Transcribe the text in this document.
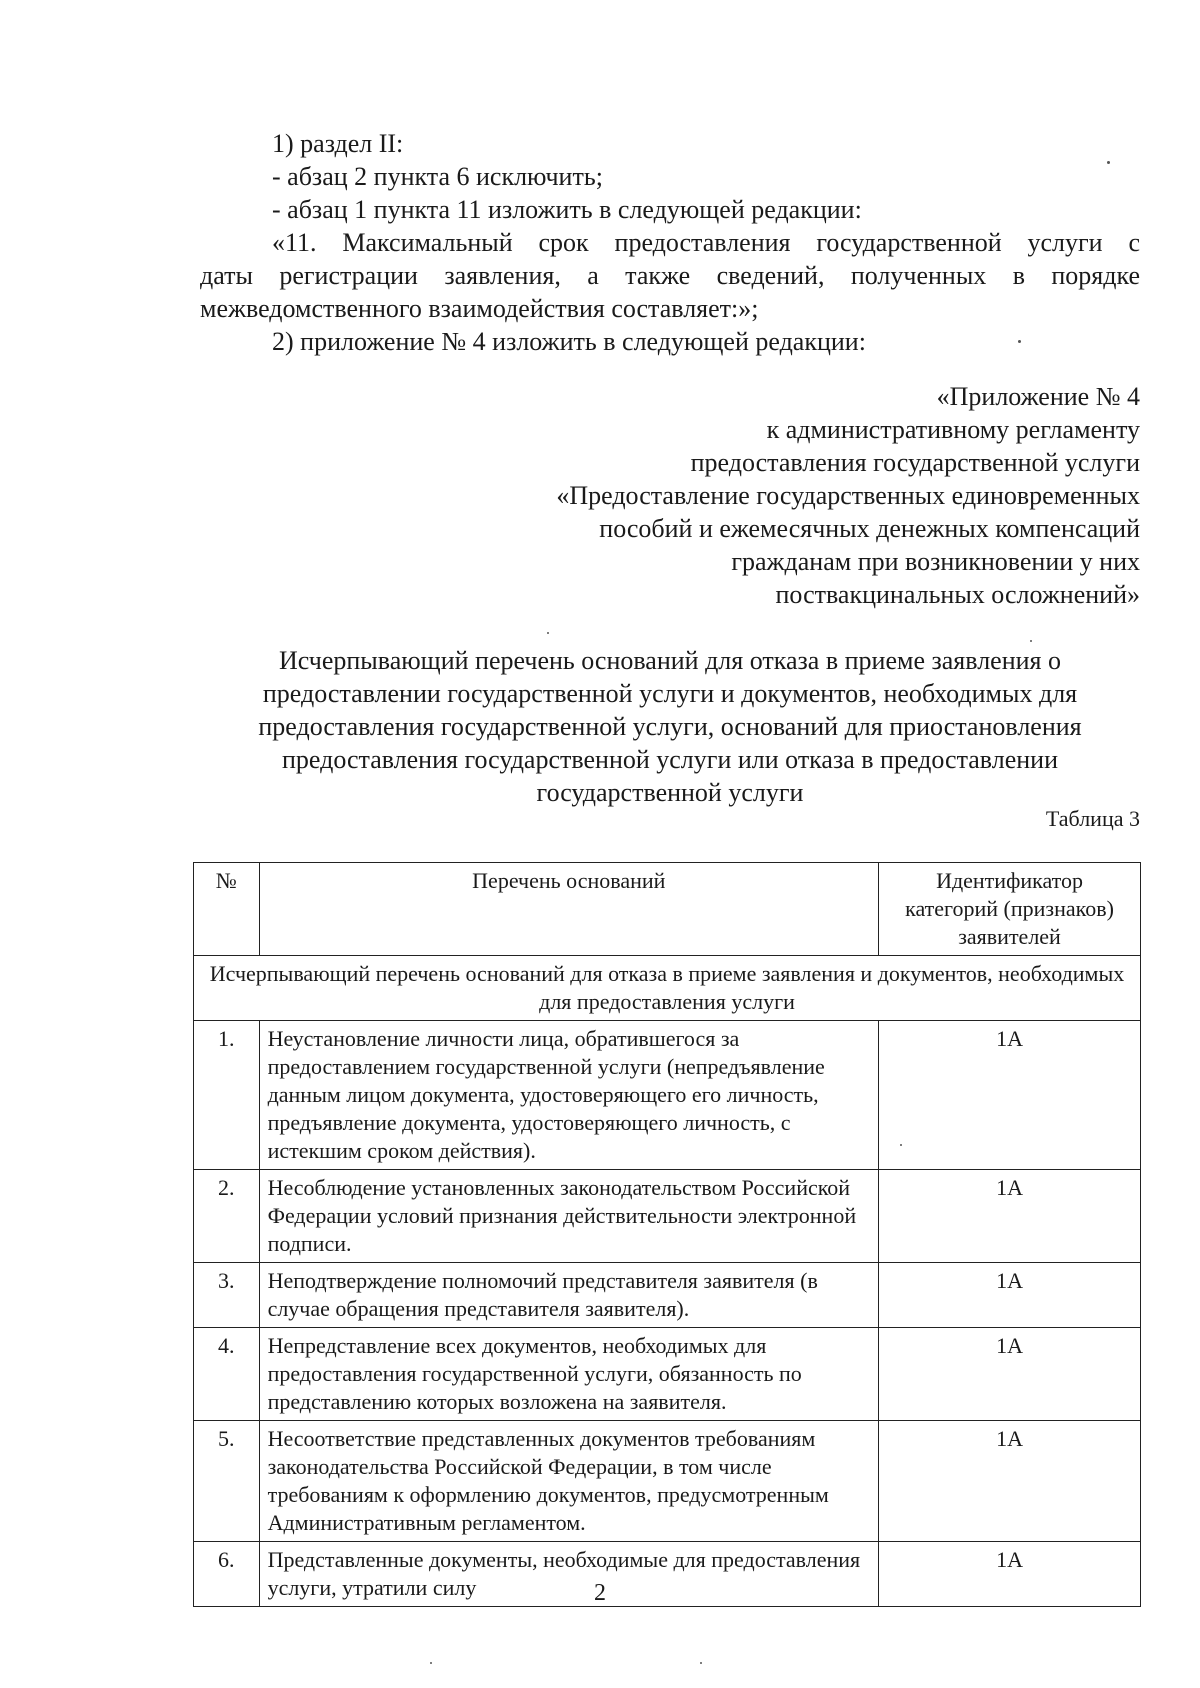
1) раздел II:

- абзац 2 пункта 6 исключить;

- абзац 1 пункта 11 изложить в следующей редакции:

«11. Максимальный срок предоставления государственной услуги с

даты регистрации заявления, а также сведений, полученных в порядке

межведомственного взаимодействия составляет:»;

2) приложение № 4 изложить в следующей редакции:

«Приложение № 4
к административному регламенту
предоставления государственной услуги
«Предоставление государственных единовременных
пособий и ежемесячных денежных компенсаций
гражданам при возникновении у них
поствакцинальных осложнений»
Исчерпывающий перечень оснований для отказа в приеме заявления о
предоставлении государственной услуги и документов, необходимых для
предоставления государственной услуги, оснований для приостановления
предоставления государственной услуги или отказа в предоставлении
государственной услуги
Таблица 3
№	Перечень оснований	Идентификатор категорий (признаков) заявителей
Исчерпывающий перечень оснований для отказа в приеме заявления и документов, необходимых для предоставления услуги		
1.	Неустановление личности лица, обратившегося за предоставлением государственной услуги (непредъявление данным лицом документа, удостоверяющего его личность, предъявление документа, удостоверяющего личность, с истекшим сроком действия).	1А
2.	Несоблюдение установленных законодательством Российской Федерации условий признания действительности электронной подписи.	1А
3.	Неподтверждение полномочий представителя заявителя (в случае обращения представителя заявителя).	1А
4.	Непредставление всех документов, необходимых для предоставления государственной услуги, обязанность по представлению которых возложена на заявителя.	1А
5.	Несоответствие представленных документов требованиям законодательства Российской Федерации, в том числе требованиям к оформлению документов, предусмотренным Административным регламентом.	1А
6.	Представленные документы, необходимые для предоставления услуги, утратили силу	1А
2
